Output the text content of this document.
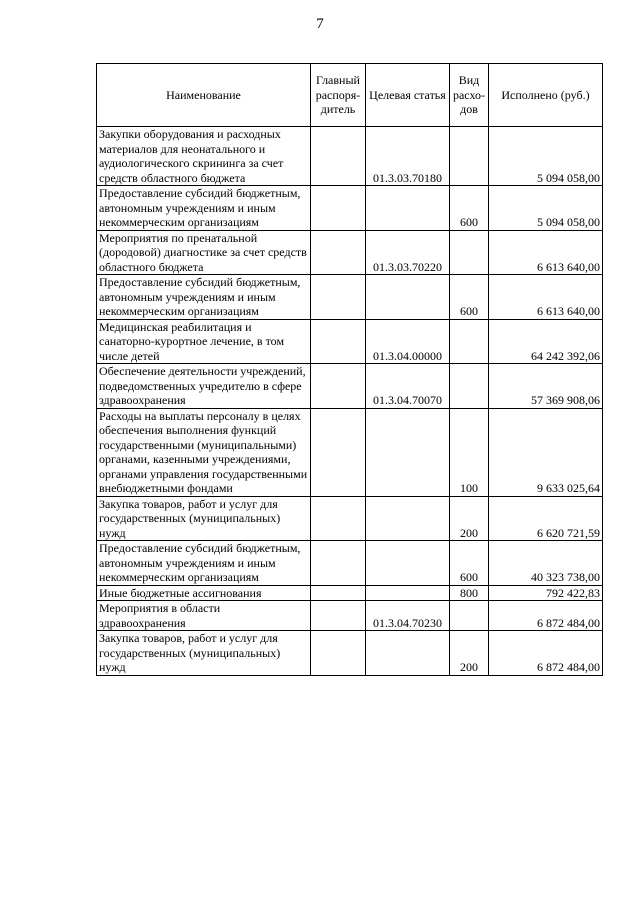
7
Наименование	Главный распоря-дитель	Целевая статья	Вид расхо-дов	Исполнено (руб.)
Закупки оборудования и расходных материалов для неонатального и аудиологического скрининга за счет средств областного бюджета		01.3.03.70180		5 094 058,00
Предоставление субсидий бюджетным, автономным учреждениям и иным некоммерческим организациям			600	5 094 058,00
Мероприятия по пренатальной (дородовой) диагностике за счет средств областного бюджета		01.3.03.70220		6 613 640,00
Предоставление субсидий бюджетным, автономным учреждениям и иным некоммерческим организациям			600	6 613 640,00
Медицинская реабилитация и санаторно-курортное лечение, в том числе детей		01.3.04.00000		64 242 392,06
Обеспечение деятельности учреждений, подведомственных учредителю в сфере здравоохранения		01.3.04.70070		57 369 908,06
Расходы на выплаты персоналу в целях обеспечения выполнения функций государственными (муниципальными) органами, казенными учреждениями, органами управления государственными внебюджетными фондами			100	9 633 025,64
Закупка товаров, работ и услуг для государственных (муниципальных) нужд			200	6 620 721,59
Предоставление субсидий бюджетным, автономным учреждениям и иным некоммерческим организациям			600	40 323 738,00
Иные бюджетные ассигнования			800	792 422,83
Мероприятия в области здравоохранения		01.3.04.70230		6 872 484,00
Закупка товаров, работ и услуг для государственных (муниципальных) нужд			200	6 872 484,00
